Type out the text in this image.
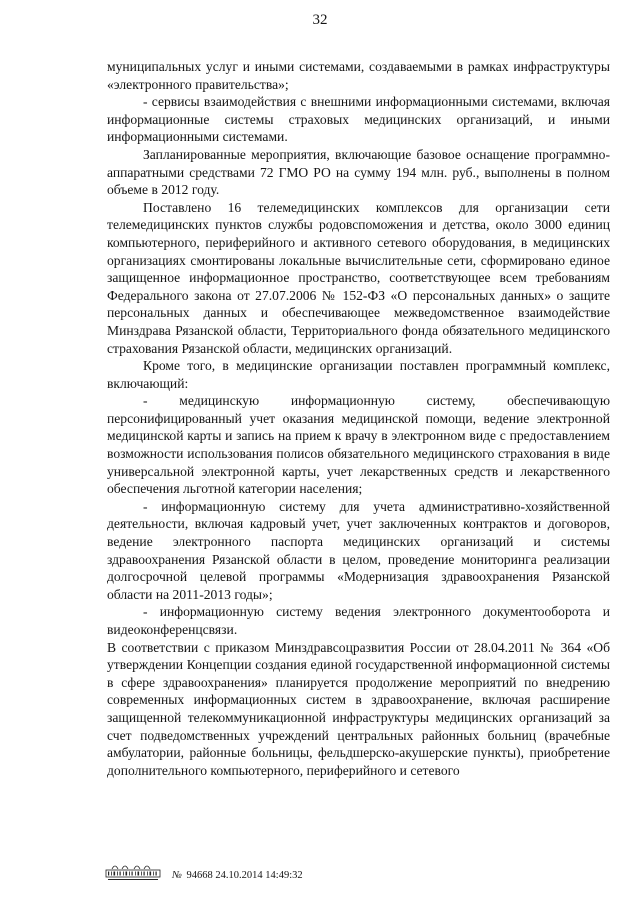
32

муниципальных услуг и иными системами, создаваемыми в рамках инфраструктуры «электронного правительства»;

- сервисы взаимодействия с внешними информационными системами, включая информационные системы страховых медицинских организаций, и иными информационными системами.

Запланированные мероприятия, включающие базовое оснащение программно-аппаратными средствами 72 ГМО РО на сумму 194 млн. руб., выполнены в полном объеме в 2012 году.

Поставлено 16 телемедицинских комплексов для организации сети телемедицинских пунктов службы родовспоможения и детства, около 3000 единиц компьютерного, периферийного и активного сетевого оборудования, в медицинских организациях смонтированы локальные вычислительные сети, сформировано единое защищенное информационное пространство, соответствующее всем требованиям Федерального закона от 27.07.2006 № 152-ФЗ «О персональных данных» о защите персональных данных и обеспечивающее межведомственное взаимодействие Минздрава Рязанской области, Территориального фонда обязательного медицинского страхования Рязанской области, медицинских организаций.

Кроме того, в медицинские организации поставлен программный комплекс, включающий:

- медицинскую информационную систему, обеспечивающую персонифицированный учет оказания медицинской помощи, ведение электронной медицинской карты и запись на прием к врачу в электронном виде с предоставлением возможности использования полисов обязательного медицинского страхования в виде универсальной электронной карты, учет лекарственных средств и лекарственного обеспечения льготной категории населения;

- информационную систему для учета административно-хозяйственной деятельности, включая кадровый учет, учет заключенных контрактов и договоров, ведение электронного паспорта медицинских организаций и системы здравоохранения Рязанской области в целом, проведение мониторинга реализации долгосрочной целевой программы «Модернизация здравоохранения Рязанской области на 2011-2013 годы»;

- информационную систему ведения электронного документооборота и видеоконференцсвязи.

В соответствии с приказом Минздравсоцразвития России от 28.04.2011 № 364 «Об утверждении Концепции создания единой государственной информационной системы в сфере здравоохранения» планируется продолжение мероприятий по внедрению современных информационных систем в здравоохранение, включая расширение защищенной телекоммуникационной инфраструктуры медицинских организаций за счет подведомственных учреждений центральных районных больниц (врачебные амбулатории, районные больницы, фельдшерско-акушерские пункты), приобретение дополнительного компьютерного, периферийного и сетевого

№ 94668 24.10.2014 14:49:32
